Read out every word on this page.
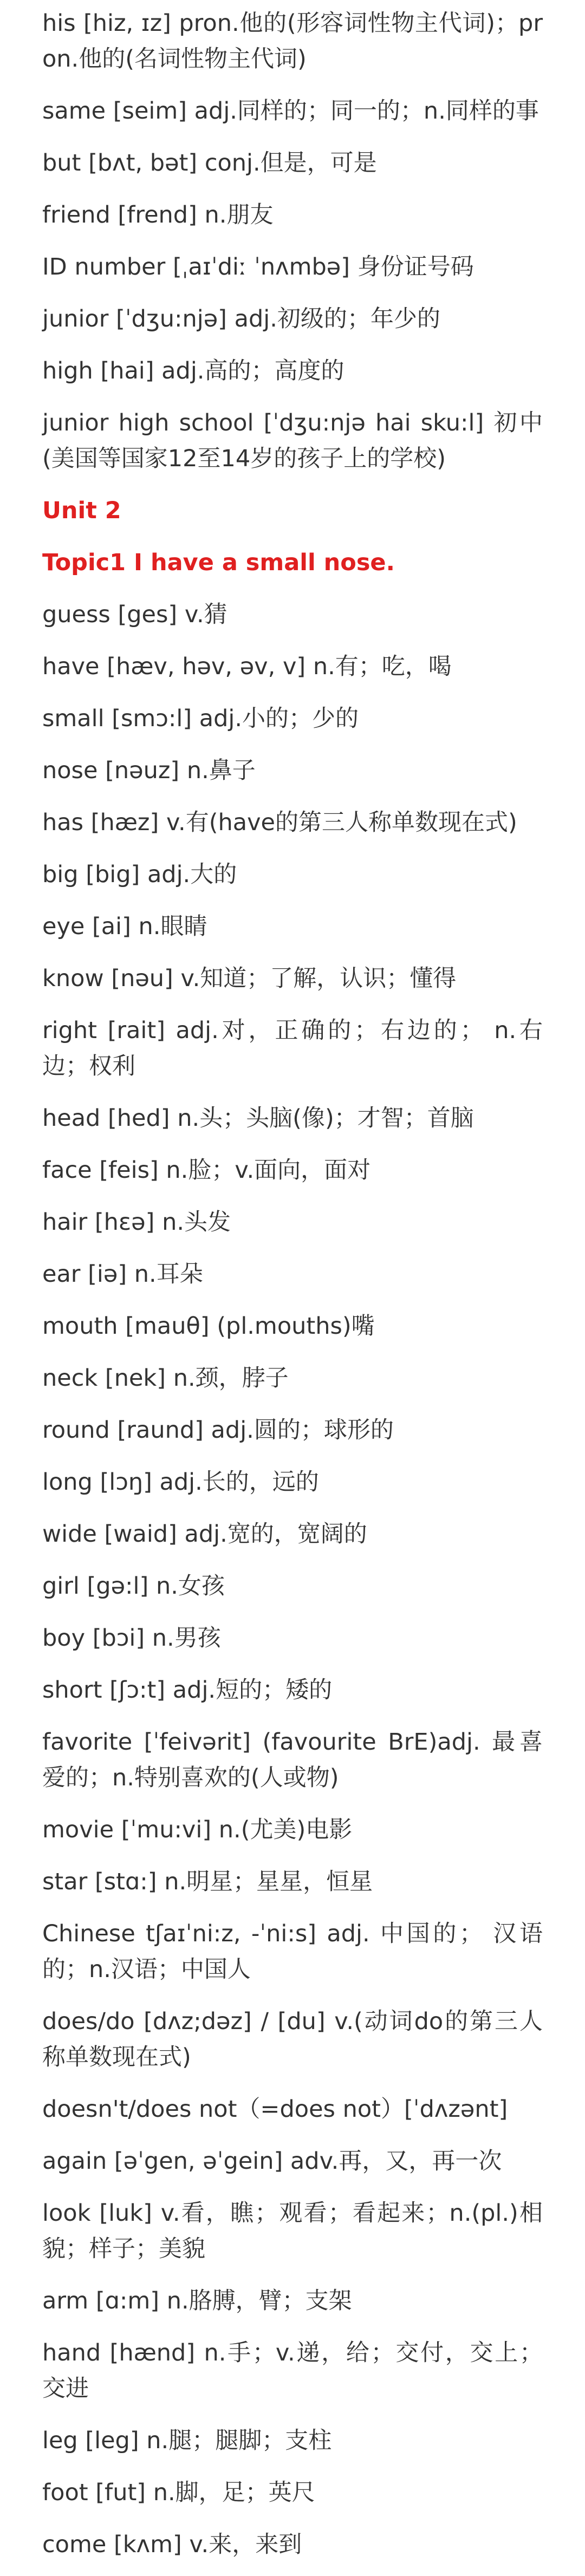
his [hiz, ɪz] pron.他的(形容词性物主代词)；pron.他的(名词性物主代词)

same [seim] adj.同样的；同一的；n.同样的事

but [bʌt, bət] conj.但是，可是

friend [frend] n.朋友

ID number [ˌaɪˈdiː ˈnʌmbə] 身份证号码

junior [ˈdʒu:njə] adj.初级的；年少的

high [hai] adj.高的；高度的

junior high school [ˈdʒu:njə hai sku:l] 初中(美国等国家12至14岁的孩子上的学校)

Unit 2

Topic1 I have a small nose.

guess [ges] v.猜

have [hæv, həv, əv, v] n.有；吃，喝

small [smɔ:l] adj.小的；少的

nose [nəuz] n.鼻子

has [hæz] v.有(have的第三人称单数现在式)

big [big] adj.大的

eye [ai] n.眼睛

know [nəu] v.知道；了解，认识；懂得

right [rait] adj.对，正确的；右边的； n.右边；权利

head [hed] n.头；头脑(像)；才智；首脑

face [feis] n.脸；v.面向，面对

hair [hεə] n.头发

ear [iə] n.耳朵

mouth [mauθ] (pl.mouths)嘴

neck [nek] n.颈，脖子

round [raund] adj.圆的；球形的

long [lɔŋ] adj.长的，远的

wide [waid] adj.宽的，宽阔的

girl [gə:l] n.女孩

boy [bɔi] n.男孩

short [ʃɔ:t] adj.短的；矮的

favorite [ˈfeivərit] (favourite BrE)adj. 最喜爱的；n.特别喜欢的(人或物)

movie [ˈmu:vi] n.(尤美)电影

star [stɑ:] n.明星；星星，恒星

Chinese tʃaɪˈni:z, -ˈni:s] adj. 中国的； 汉语的；n.汉语；中国人

does/do [dʌz;dəz] / [du] v.(动词do的第三人称单数现在式)

doesn't/does not（=does not）[ˈdʌzənt]

again [əˈgen, əˈgein] adv.再，又，再一次

look [luk] v.看，瞧；观看；看起来；n.(pl.)相貌；样子；美貌

arm [ɑ:m] n.胳膊，臂；支架

hand [hænd] n.手；v.递，给；交付，交上；交进

leg [leg] n.腿；腿脚；支柱

foot [fut] n.脚，足；英尺

come [kʌm] v.来，来到
